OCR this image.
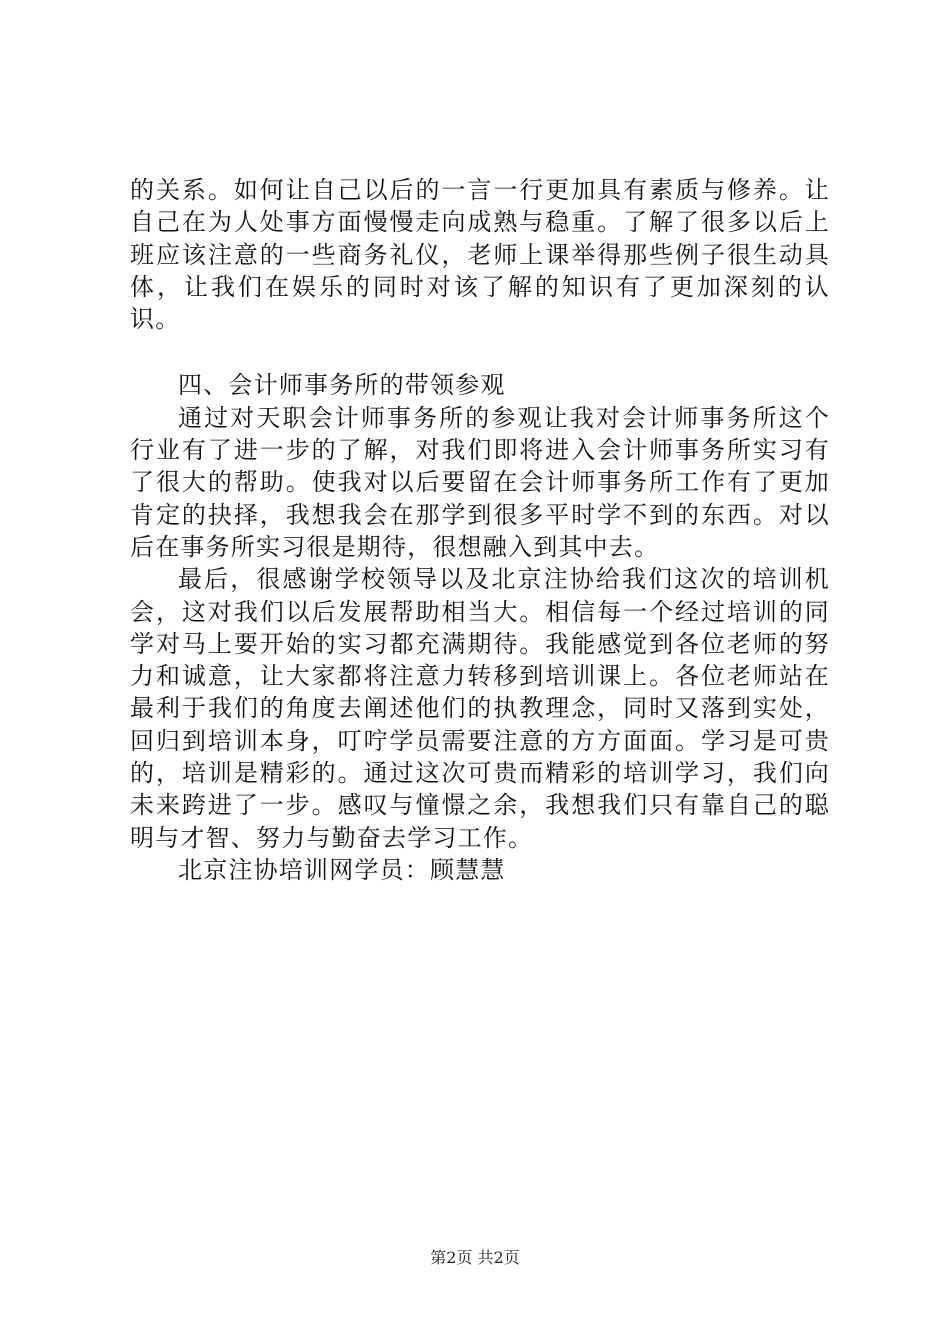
的关系。如何让自己以后的一言一行更加具有素质与修养。让自己在为人处事方面慢慢走向成熟与稳重。了解了很多以后上班应该注意的一些商务礼仪，老师上课举得那些例子很生动具体，让我们在娱乐的同时对该了解的知识有了更加深刻的认识。

四、会计师事务所的带领参观

通过对天职会计师事务所的参观让我对会计师事务所这个行业有了进一步的了解，对我们即将进入会计师事务所实习有了很大的帮助。使我对以后要留在会计师事务所工作有了更加肯定的抉择，我想我会在那学到很多平时学不到的东西。对以后在事务所实习很是期待，很想融入到其中去。

最后，很感谢学校领导以及北京注协给我们这次的培训机会，这对我们以后发展帮助相当大。相信每一个经过培训的同学对马上要开始的实习都充满期待。我能感觉到各位老师的努力和诚意，让大家都将注意力转移到培训课上。各位老师站在最利于我们的角度去阐述他们的执教理念，同时又落到实处，回归到培训本身，叮咛学员需要注意的方方面面。学习是可贵的，培训是精彩的。通过这次可贵而精彩的培训学习，我们向未来跨进了一步。感叹与憧憬之余，我想我们只有靠自己的聪明与才智、努力与勤奋去学习工作。

北京注协培训网学员：顾慧慧

第2页 共2页
